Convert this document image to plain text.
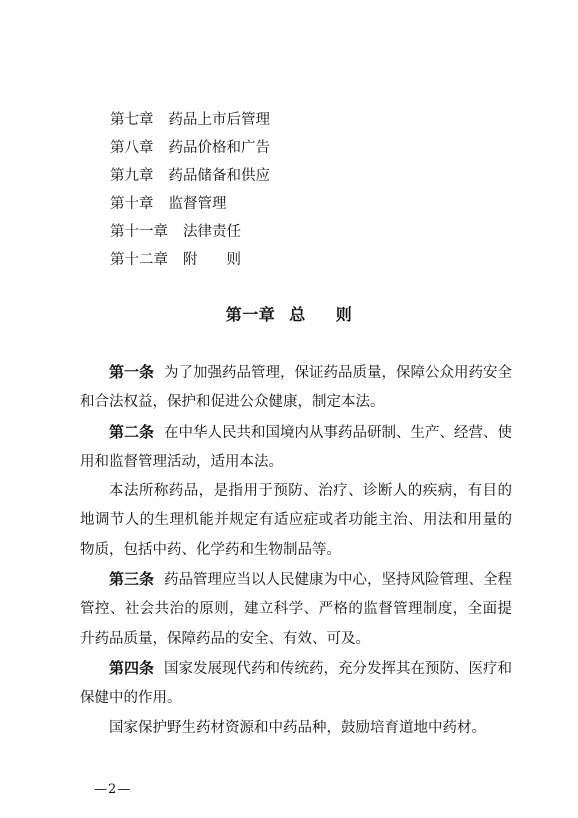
第七章 药品上市后管理
第八章 药品价格和广告
第九章 药品储备和供应
第十章 监督管理
第十一章 法律责任
第十二章 附　　则
第一章 总 则

第一条 为了加强药品管理，保证药品质量，保障公众用药安全和合法权益，保护和促进公众健康，制定本法。

第二条 在中华人民共和国境内从事药品研制、生产、经营、使用和监督管理活动，适用本法。

本法所称药品，是指用于预防、治疗、诊断人的疾病，有目的地调节人的生理机能并规定有适应症或者功能主治、用法和用量的物质，包括中药、化学药和生物制品等。

第三条 药品管理应当以人民健康为中心，坚持风险管理、全程管控、社会共治的原则，建立科学、严格的监督管理制度，全面提升药品质量，保障药品的安全、有效、可及。

第四条 国家发展现代药和传统药，充分发挥其在预防、医疗和保健中的作用。

国家保护野生药材资源和中药品种，鼓励培育道地中药材。

—2—
